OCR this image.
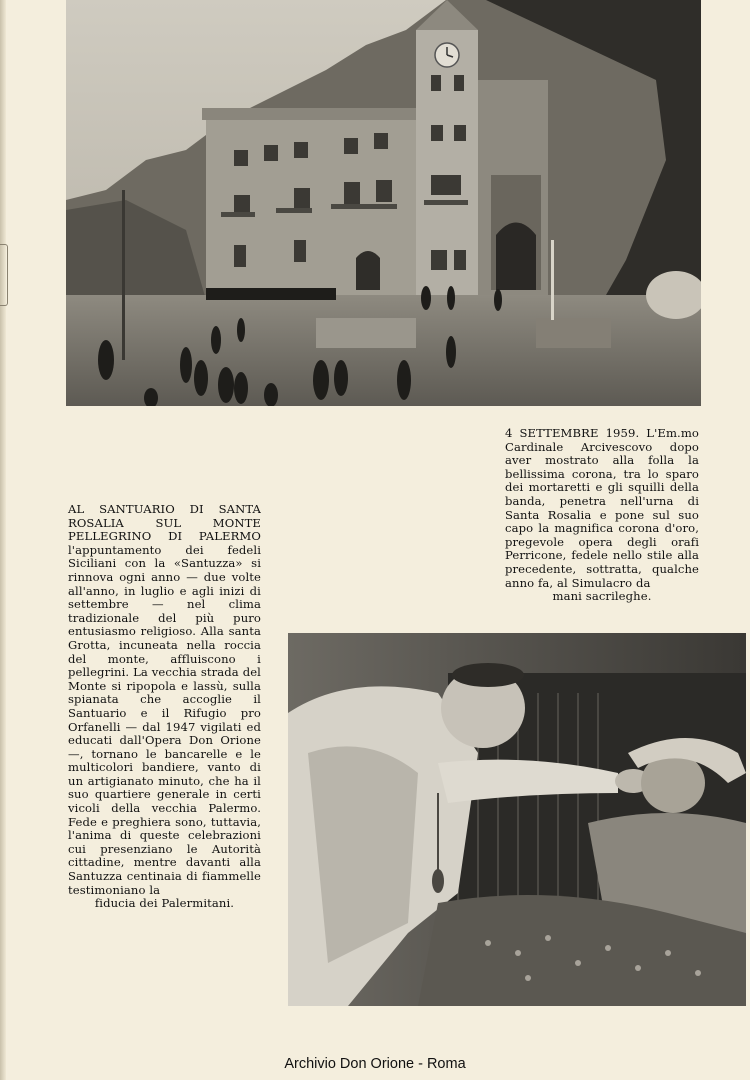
4 SETTEMBRE 1959. L'Em.mo Cardinale Arcivescovo dopo aver mostrato alla folla la bellissima corona, tra lo sparo dei mortaretti e gli squilli della banda, penetra nell'urna di Santa Rosalia e pone sul suo capo la magnifica corona d'oro, pregevole opera degli orafi Perricone, fedele nello stile alla precedente, sottratta, qualche anno fa, al Simulacro da
mani sacrileghe.
AL SANTUARIO DI SANTA ROSALIA SUL MONTE PELLEGRINO DI PALERMO l'appuntamento dei fedeli Siciliani con la «Santuzza» si rinnova ogni anno — due volte all'anno, in luglio e agli inizi di settembre — nel clima tradizionale del più puro entusiasmo religioso. Alla santa Grotta, incuneata nella roccia del monte, affluiscono i pellegrini. La vecchia strada del Monte si ripopola e lassù, sulla spianata che accoglie il Santuario e il Rifugio pro Orfanelli — dal 1947 vigilati ed educati dall'Opera Don Orione —, tornano le bancarelle e le multicolori bandiere, vanto di un artigianato minuto, che ha il suo quartiere generale in certi vicoli della vecchia Palermo. Fede e preghiera sono, tuttavia, l'anima di queste celebrazioni cui presenziano le Autorità cittadine, mentre davanti alla Santuzza centinaia di fiammelle testimoniano la
fiducia dei Palermitani.
Archivio Don Orione - Roma
